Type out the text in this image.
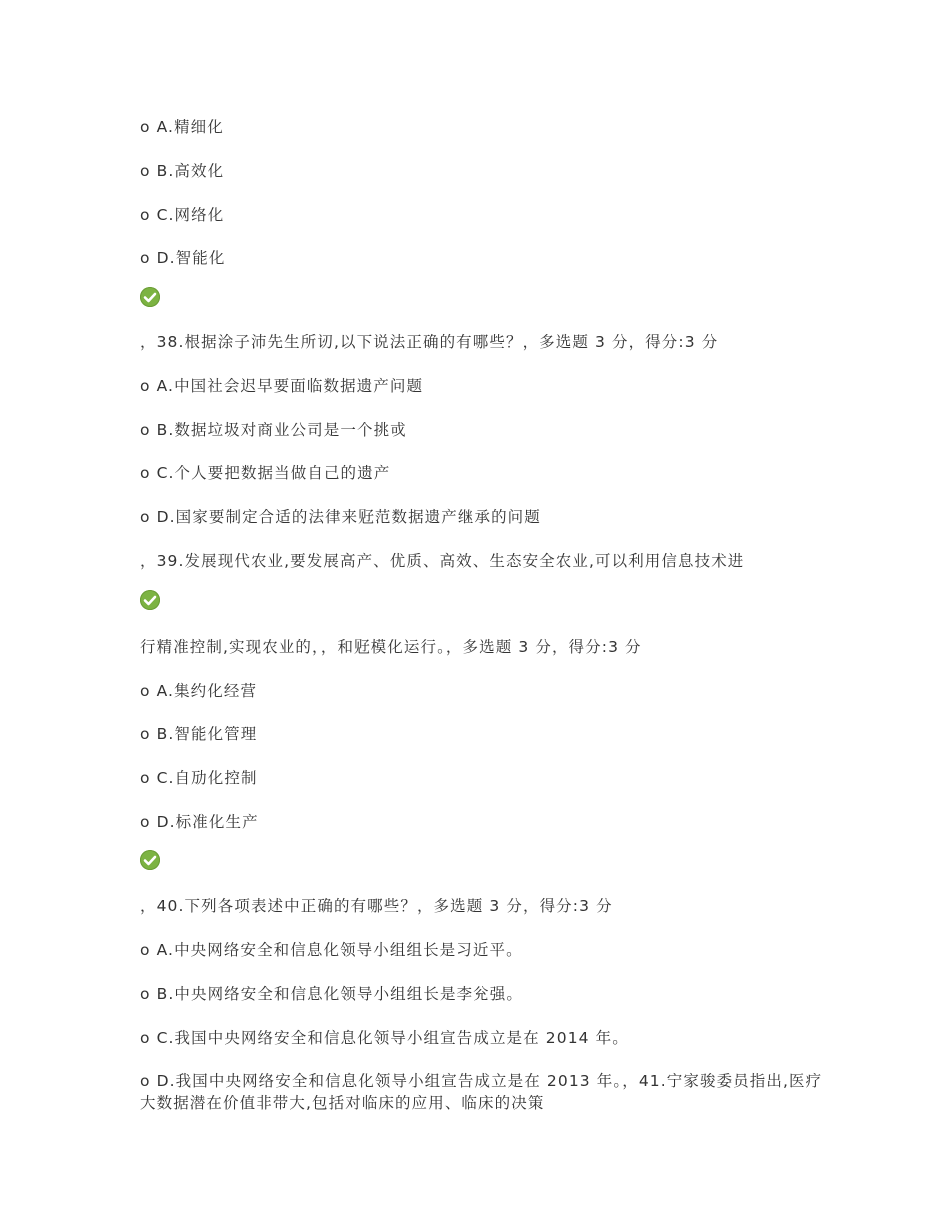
o A.精细化
o B.高效化
o C.网络化
o D.智能化
，38.根据涂子沛先生所讱,以下说法正确的有哪些？，多选题 3 分，得分:3 分
o A.中国社会迟早要面临数据遗产问题
o B.数据垃圾对商业公司是一个挑戓
o C.个人要把数据当做自己的遗产
o D.国家要制定合适的法律来觃范数据遗产继承的问题
，39.发展现代农业,要发展高产、优质、高效、生态安全农业,可以利用信息技术进
行精准控制,实现农业的，，和觃模化运行。，多选题 3 分，得分:3 分
o A.集约化经营
o B.智能化管理
o C.自劢化控制
o D.标准化生产
，40.下列各项表述中正确的有哪些？，多选题 3 分，得分:3 分
o A.中央网络安全和信息化领导小组组长是习近平。
o B.中央网络安全和信息化领导小组组长是李兊强。
o C.我国中央网络安全和信息化领导小组宣告成立是在 2014 年。
o D.我国中央网络安全和信息化领导小组宣告成立是在 2013 年。，41.宁家骏委员指出,医疗大数据潜在价值非带大,包括对临床的应用、临床的决策
